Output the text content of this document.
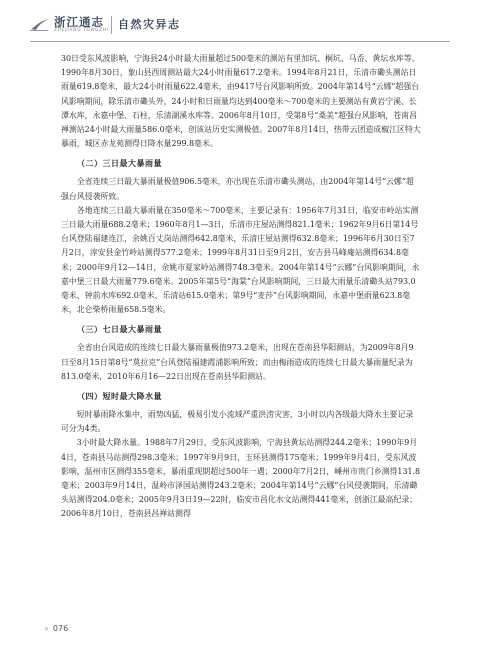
浙江通志
ZHEJIANG TONGZHI 自然灾异志

30日受东风波影响，宁海县24小时最大雨量超过500毫米的测站有里加坑、桐坑、马岙、黄坛水库等。1990年8月30日，象山县西周测站最大24小时雨量617.2毫米。1994年8月21日，乐清市磡头测站日雨量619.8毫米，最大24小时雨量622.4毫米，由9417号台风影响所致。2004年第14号“云娜”超强台风影响期间，除乐清市磡头外，24小时和日雨量均达到400毫米～700毫米的主要测站有黄岩宁溪、长潭水库，永嘉中堡、石柱，乐清湖溪水库等。2006年8月10日，受第8号“桑美”超强台风影响，苍南昌禅测站24小时最大雨量586.0毫米，创该站历史实测极值。2007年8月14日，热带云团造成椒江区特大暴雨，城区赤龙苑测得日降水量299.8毫米。

（二）三日最大暴雨量

全省连续三日最大暴雨量极值906.5毫米，亦出现在乐清市磡头测站，由2004年第14号“云娜”超强台风侵袭所致。

各地连续三日最大暴雨量在350毫米～700毫米，主要记录有：1956年7月31日，临安市岭站实测三日最大雨量688.2毫米；1960年8月1—3日，乐清市庄屋站测得821.1毫米；1962年9月6日第14号台风登陆福建连江，余姚百丈岗站测得642.8毫米，乐清庄屋站测得632.8毫米；1996年6月30日至7月2日，淳安县金竹岭站测得577.2毫米；1999年8月31日至9月2日，安吉县马峰庵站测得634.8毫米；2000年9月12—14日，余姚市夏家岭站测得748.3毫米。2004年第14号“云娜”台风影响期间，永嘉中堡三日最大雨量779.6毫米。2005年第5号“海棠”台风影响期间，三日最大雨量乐清磡头站793.0毫米、钟前水库692.0毫米、乐清站615.0毫米；第9号“麦莎”台风影响期间，永嘉中堡雨量623.8毫米，北仑柴桥雨量658.5毫米。

（三）七日最大暴雨量

全省由台风造成的连续七日最大暴雨量极值973.2毫米，出现在苍南县华阳测站，为2009年8月9日至8月15日第8号“莫拉克”台风登陆福建霞浦影响所致；而由梅雨造成的连续七日最大暴雨量纪录为813.0毫米，2010年6月16—22日出现在苍南县华阳测站。

（四）短时最大降水量

短时暴雨降水集中，雨势凶猛，极易引发小流域严重洪涝灾害，3小时以内各级最大降水主要记录可分为4类。

3小时最大降水量。1988年7月29日，受东风波影响，宁海县黄坛站测得244.2毫米；1990年9月4日，苍南县马站测得298.3毫米；1997年9月9日，玉环县测得175毫米；1999年9月4日，受东风波影响，温州市区测得355毫米，暴雨重现期超过500年一遇；2000年7月2日，嵊州市贵门乡测得131.8毫米；2003年9月14日，温岭市泽国站测得243.2毫米；2004年第14号“云娜”台风侵袭期间，乐清磡头站测得204.0毫米；2005年9月3日19—22时，临安市昌化水文站测得441毫米，创浙江最高纪录；2006年8月10日，苍南县昌禅站测得

» 076
